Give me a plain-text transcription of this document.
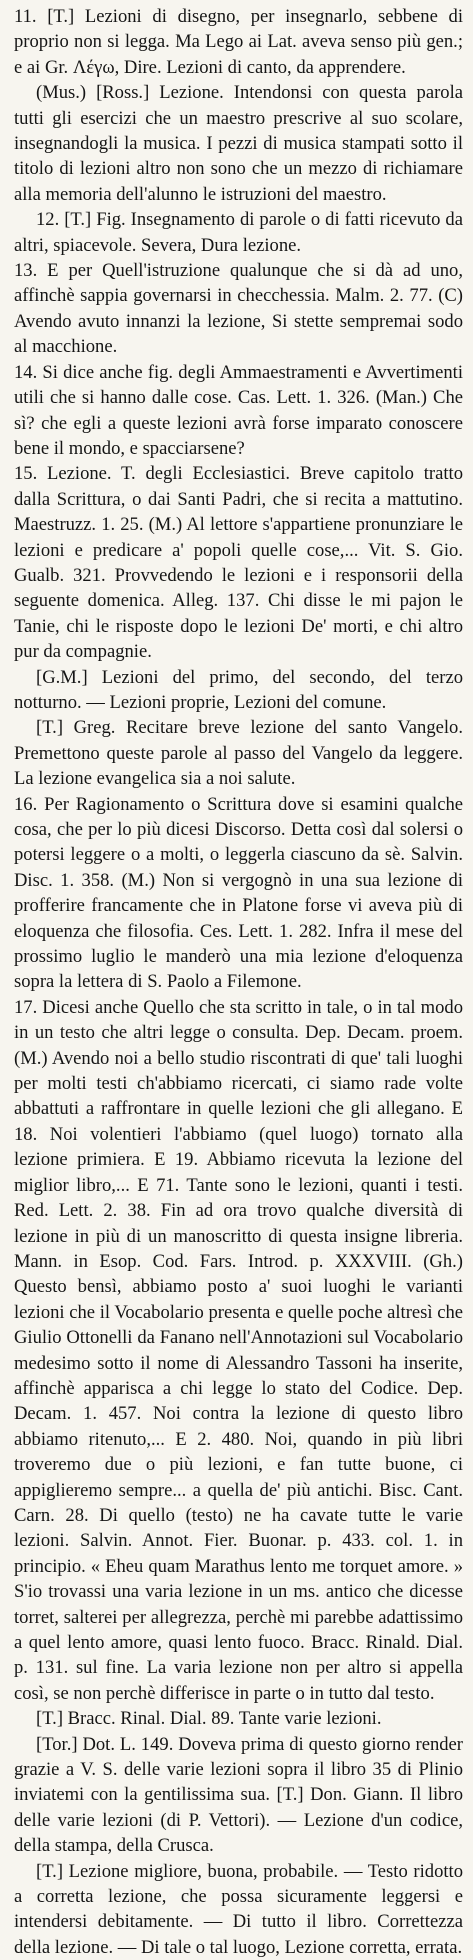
11. [T.] Lezioni di disegno, per insegnarlo, sebbene di proprio non si legga. Ma Lego ai Lat. aveva senso più gen.; e ai Gr. Λέγω, Dire. Lezioni di canto, da apprendere.

(Mus.) [Ross.] Lezione. Intendonsi con questa parola tutti gli esercizi che un maestro prescrive al suo scolare, insegnandogli la musica. I pezzi di musica stampati sotto il titolo di lezioni altro non sono che un mezzo di richiamare alla memoria dell'alunno le istruzioni del maestro.

12. [T.] Fig. Insegnamento di parole o di fatti ricevuto da altri, spiacevole. Severa, Dura lezione.

13. E per Quell'istruzione qualunque che si dà ad uno, affinchè sappia governarsi in checchessia. Malm. 2. 77. (C) Avendo avuto innanzi la lezione, Si stette sempremai sodo al macchione.

14. Si dice anche fig. degli Ammaestramenti e Avvertimenti utili che si hanno dalle cose. Cas. Lett. 1. 326. (Man.) Che sì? che egli a queste lezioni avrà forse imparato conoscere bene il mondo, e spacciarsene?

15. Lezione. T. degli Ecclesiastici. Breve capitolo tratto dalla Scrittura, o dai Santi Padri, che si recita a mattutino. Maestruzz. 1. 25. (M.) Al lettore s'appartiene pronunziare le lezioni e predicare a' popoli quelle cose,... Vit. S. Gio. Gualb. 321. Provvedendo le lezioni e i responsorii della seguente domenica. Alleg. 137. Chi disse le mi pajon le Tanie, chi le risposte dopo le lezioni De' morti, e chi altro pur da compagnie.

[G.M.] Lezioni del primo, del secondo, del terzo notturno. — Lezioni proprie, Lezioni del comune.

[T.] Greg. Recitare breve lezione del santo Vangelo. Premettono queste parole al passo del Vangelo da leggere. La lezione evangelica sia a noi salute.

16. Per Ragionamento o Scrittura dove si esamini qualche cosa, che per lo più dicesi Discorso. Detta così dal solersi o potersi leggere o a molti, o leggerla ciascuno da sè. Salvin. Disc. 1. 358. (M.) Non si vergognò in una sua lezione di profferire francamente che in Platone forse vi aveva più di eloquenza che filosofia. Ces. Lett. 1. 282. Infra il mese del prossimo luglio le manderò una mia lezione d'eloquenza sopra la lettera di S. Paolo a Filemone.

17. Dicesi anche Quello che sta scritto in tale, o in tal modo in un testo che altri legge o consulta. Dep. Decam. proem. (M.) Avendo noi a bello studio riscontrati di que' tali luoghi per molti testi ch'abbiamo ricercati, ci siamo rade volte abbattuti a raffrontare in quelle lezioni che gli allegano. E 18. Noi volentieri l'abbiamo (quel luogo) tornato alla lezione primiera. E 19. Abbiamo ricevuta la lezione del miglior libro,... E 71. Tante sono le lezioni, quanti i testi. Red. Lett. 2. 38. Fin ad ora trovo qualche diversità di lezione in più di un manoscritto di questa insigne libreria. Mann. in Esop. Cod. Fars. Introd. p. XXXVIII. (Gh.) Questo bensì, abbiamo posto a' suoi luoghi le varianti lezioni che il Vocabolario presenta e quelle poche altresì che Giulio Ottonelli da Fanano nell'Annotazioni sul Vocabolario medesimo sotto il nome di Alessandro Tassoni ha inserite, affinchè apparisca a chi legge lo stato del Codice. Dep. Decam. 1. 457. Noi contra la lezione di questo libro abbiamo ritenuto,... E 2. 480. Noi, quando in più libri troveremo due o più lezioni, e fan tutte buone, ci appiglieremo sempre... a quella de' più antichi. Bisc. Cant. Carn. 28. Di quello (testo) ne ha cavate tutte le varie lezioni. Salvin. Annot. Fier. Buonar. p. 433. col. 1. in principio. « Eheu quam Marathus lento me torquet amore. » S'io trovassi una varia lezione in un ms. antico che dicesse torret, salterei per allegrezza, perchè mi parebbe adattissimo a quel lento amore, quasi lento fuoco. Bracc. Rinald. Dial. p. 131. sul fine. La varia lezione non per altro si appella così, se non perchè differisce in parte o in tutto dal testo.

[T.] Bracc. Rinal. Dial. 89. Tante varie lezioni.

[Tor.] Dot. L. 149. Doveva prima di questo giorno render grazie a V. S. delle varie lezioni sopra il libro 35 di Plinio inviatemi con la gentilissima sua. [T.] Don. Giann. Il libro delle varie lezioni (di P. Vettori). — Lezione d'un codice, della stampa, della Crusca.

[T.] Lezione migliore, buona, probabile. — Testo ridotto a corretta lezione, che possa sicuramente leggersi e intendersi debitamente. — Di tutto il libro. Correttezza della lezione. — Di tale o tal luogo, Lezione corretta, errata.
